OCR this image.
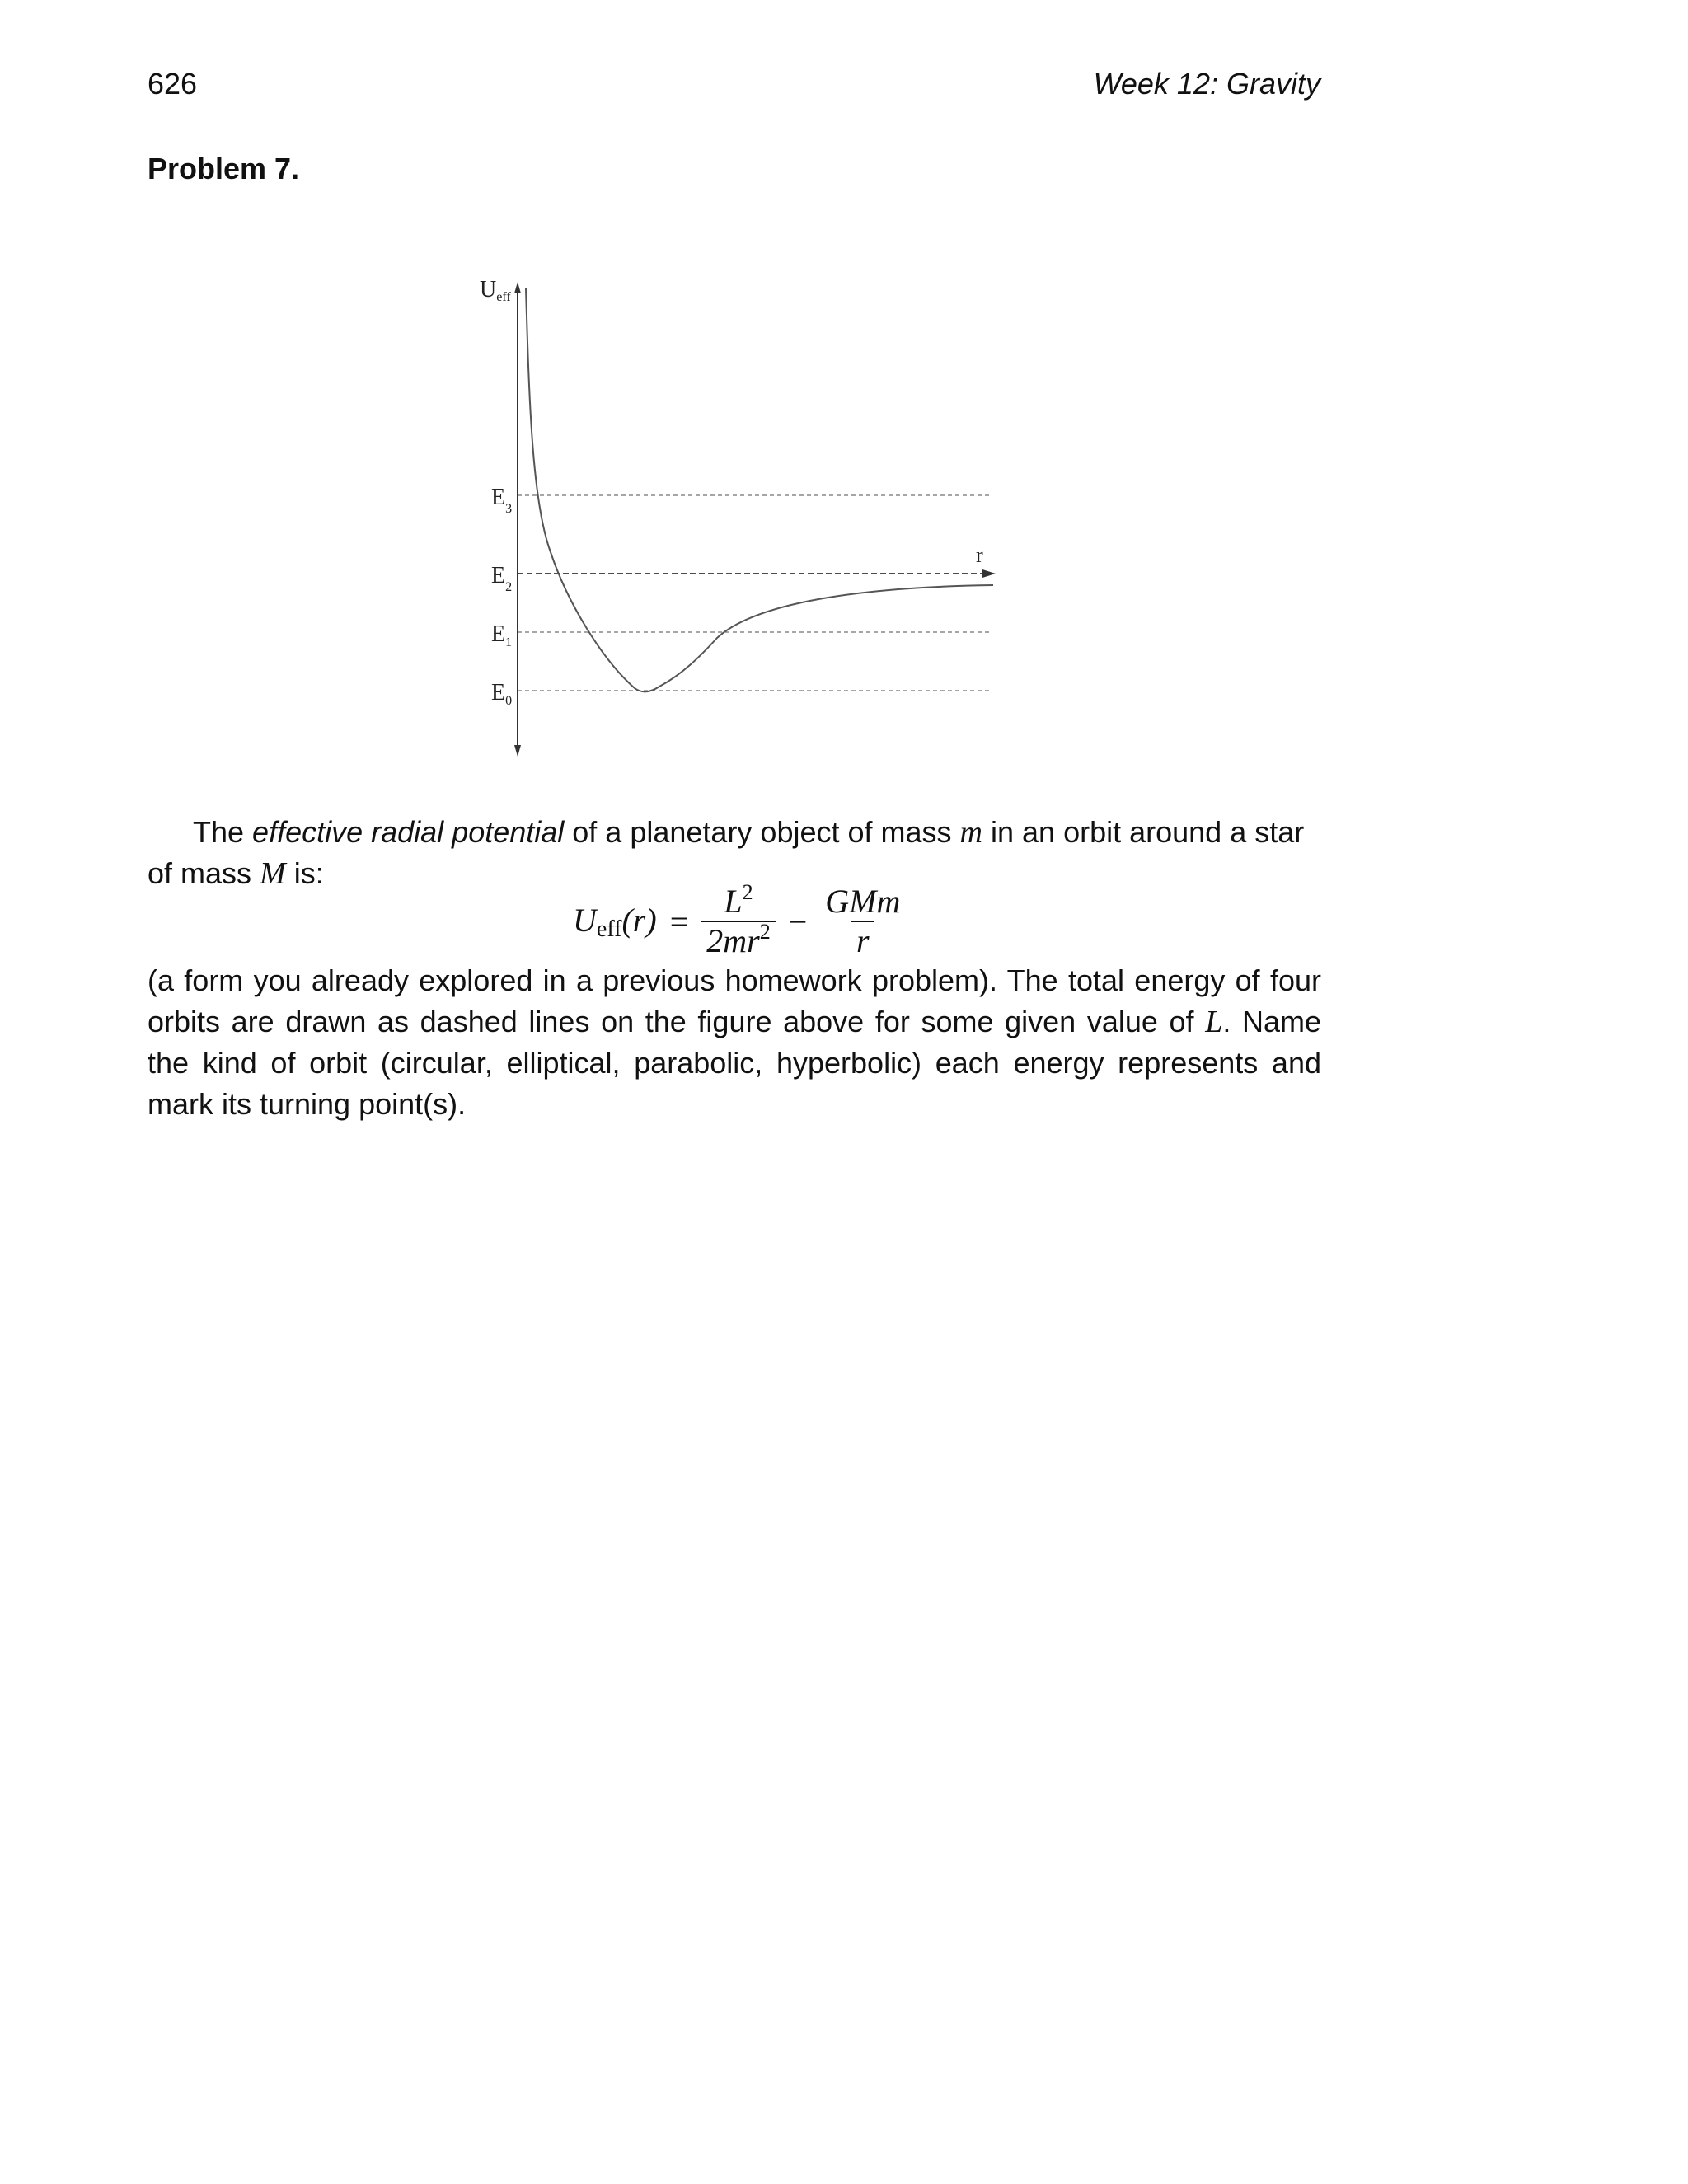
626	Week 12: Gravity
Problem 7.
Ueff
r
$E_3$
$E_2$
$E_1$
$E_0$
The effective radial potential of a planetary object of mass m in an orbit around a star of mass M is:
$U_{eff}(r) = \frac{L^2}{2mr^2} - \frac{\text{GMm}}{r}$
(a form you already explored in a previous homework problem). The total energy of four orbits are drawn as dashed lines on the figure above for some given value of L. Name the kind of orbit (circular, elliptical, parabolic, hyperbolic) each energy represents and mark its turning point(s).
